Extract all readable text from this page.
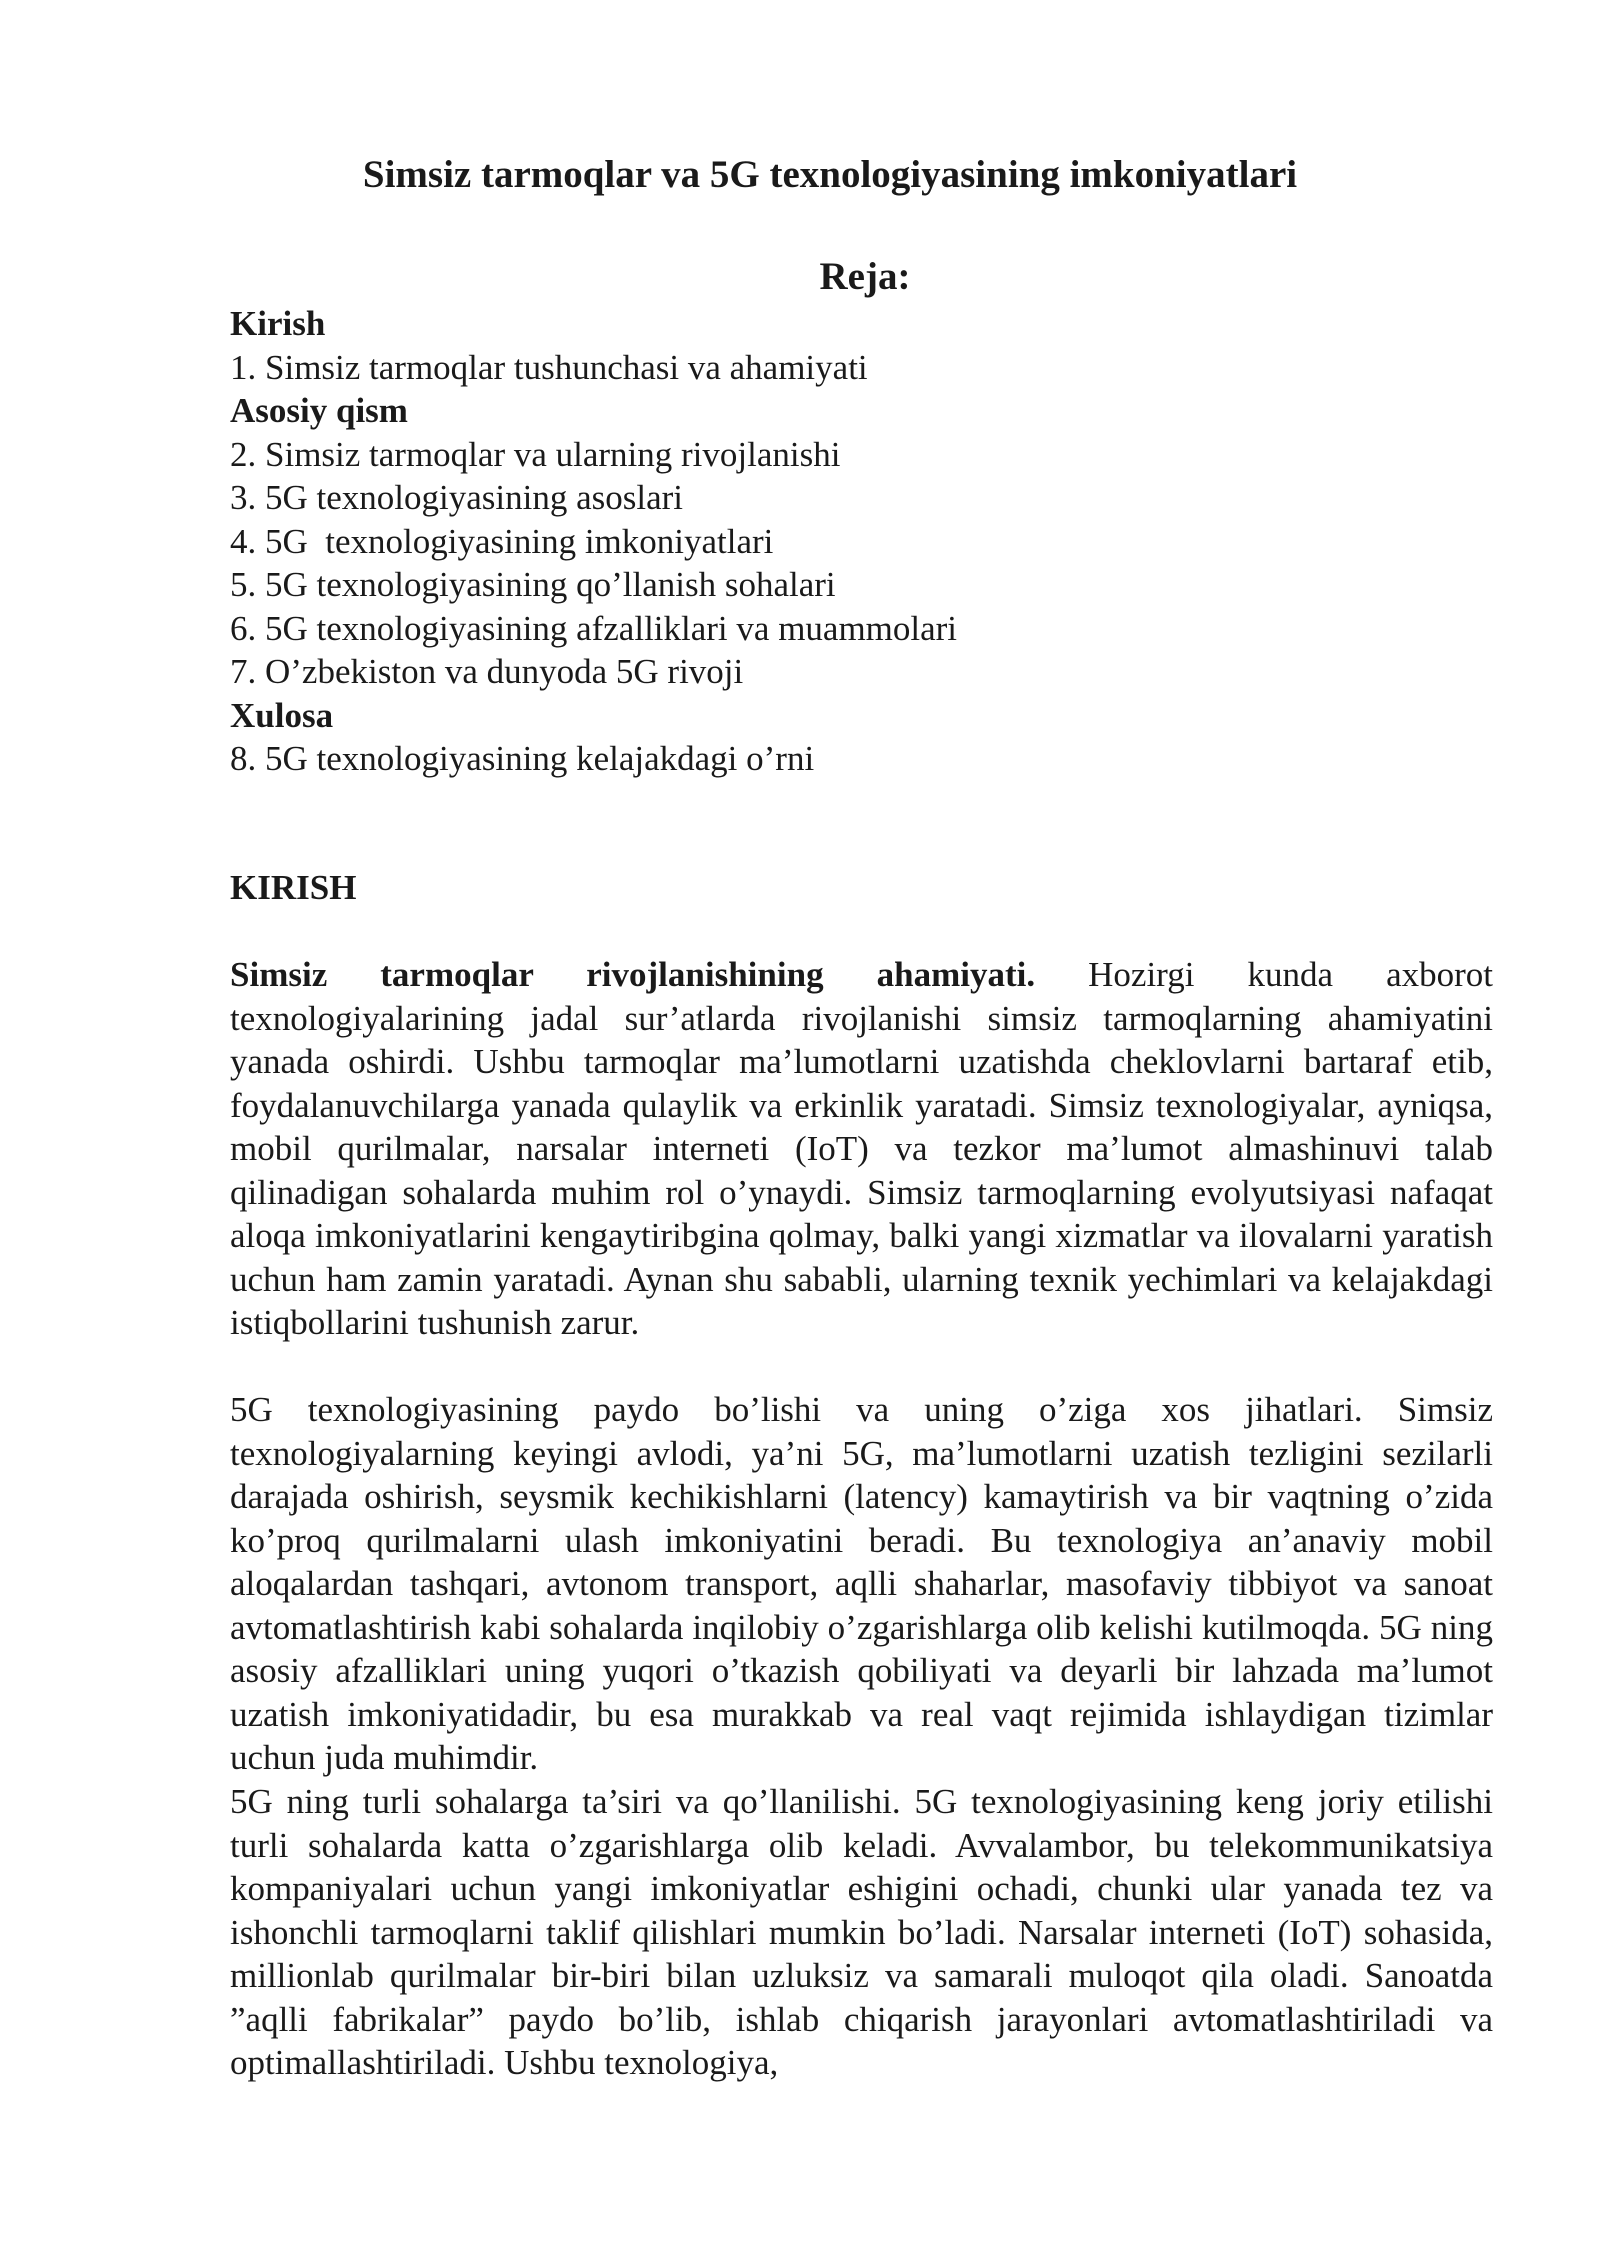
Simsiz tarmoqlar va 5G texnologiyasining imkoniyatlari
Reja:
Kirish
1. Simsiz tarmoqlar tushunchasi va ahamiyati
Asosiy qism
2. Simsiz tarmoqlar va ularning rivojlanishi
3. 5G texnologiyasining asoslari
4. 5G  texnologiyasining imkoniyatlari
5. 5G texnologiyasining qo’llanish sohalari
6. 5G texnologiyasining afzalliklari va muammolari
7. O’zbekiston va dunyoda 5G rivoji
Xulosa
8. 5G texnologiyasining kelajakdagi o’rni
KIRISH
Simsiz tarmoqlar rivojlanishining ahamiyati. Hozirgi kunda axborot texnologiyalarining jadal sur’atlarda rivojlanishi simsiz tarmoqlarning ahamiyatini yanada oshirdi. Ushbu tarmoqlar ma’lumotlarni uzatishda cheklovlarni bartaraf etib, foydalanuvchilarga yanada qulaylik va erkinlik yaratadi. Simsiz texnologiyalar, ayniqsa, mobil qurilmalar, narsalar interneti (IoT) va tezkor ma’lumot almashinuvi talab qilinadigan sohalarda muhim rol o’ynaydi. Simsiz tarmoqlarning evolyutsiyasi nafaqat aloqa imkoniyatlarini kengaytiribgina qolmay, balki yangi xizmatlar va ilovalarni yaratish uchun ham zamin yaratadi. Aynan shu sababli, ularning texnik yechimlari va kelajakdagi istiqbollarini tushunish zarur.
5G texnologiyasining paydo bo’lishi va uning o’ziga xos jihatlari. Simsiz texnologiyalarning keyingi avlodi, ya’ni 5G, ma’lumotlarni uzatish tezligini sezilarli darajada oshirish, seysmik kechikishlarni (latency) kamaytirish va bir vaqtning o’zida ko’proq qurilmalarni ulash imkoniyatini beradi. Bu texnologiya an’anaviy mobil aloqalardan tashqari, avtonom transport, aqlli shaharlar, masofaviy tibbiyot va sanoat avtomatlashtirish kabi sohalarda inqilobiy o’zgarishlarga olib kelishi kutilmoqda. 5G ning asosiy afzalliklari uning yuqori o’tkazish qobiliyati va deyarli bir lahzada ma’lumot uzatish imkoniyatidadir, bu esa murakkab va real vaqt rejimida ishlaydigan tizimlar uchun juda muhimdir.
5G ning turli sohalarga ta’siri va qo’llanilishi. 5G texnologiyasining keng joriy etilishi turli sohalarda katta o’zgarishlarga olib keladi. Avvalambor, bu telekommunikatsiya kompaniyalari uchun yangi imkoniyatlar eshigini ochadi, chunki ular yanada tez va ishonchli tarmoqlarni taklif qilishlari mumkin bo’ladi. Narsalar interneti (IoT) sohasida, millionlab qurilmalar bir-biri bilan uzluksiz va samarali muloqot qila oladi. Sanoatda ”aqlli fabrikalar” paydo bo’lib, ishlab chiqarish jarayonlari avtomatlashtiriladi va optimallashtiriladi. Ushbu texnologiya,
